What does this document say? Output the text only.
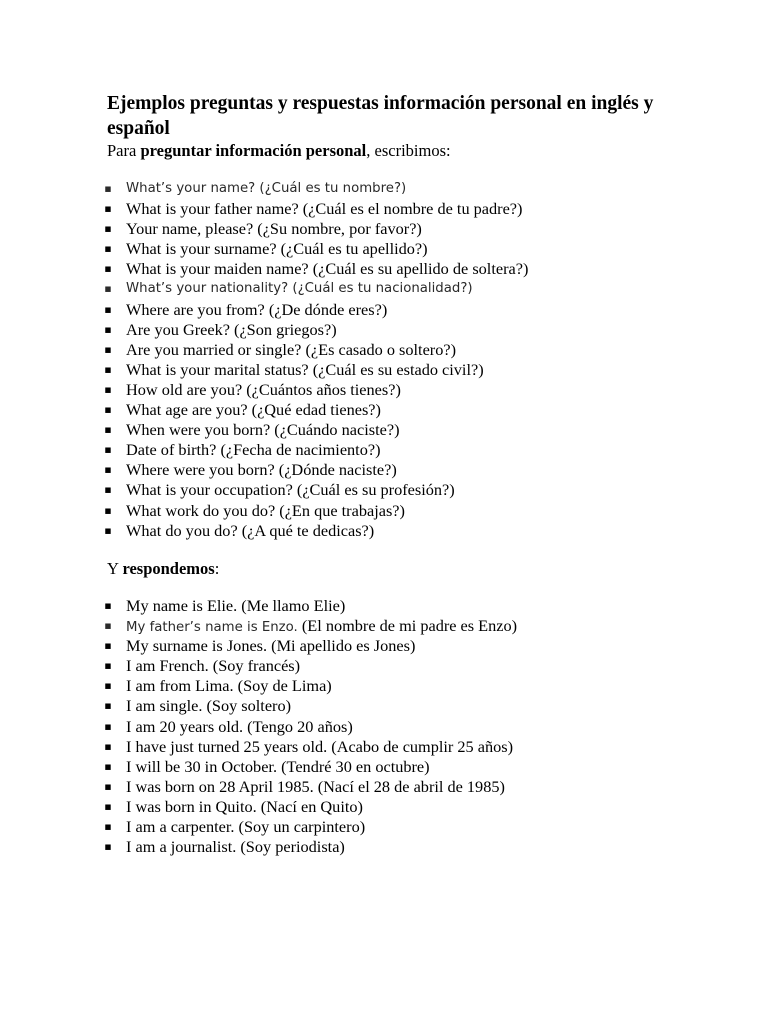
Ejemplos preguntas y respuestas información personal en inglés y español

Para preguntar información personal, escribimos:

▪ What’s your name? (¿Cuál es tu nombre?)
▪ What is your father name? (¿Cuál es el nombre de tu padre?)
▪ Your name, please? (¿Su nombre, por favor?)
▪ What is your surname? (¿Cuál es tu apellido?)
▪ What is your maiden name? (¿Cuál es su apellido de soltera?)
▪ What’s your nationality? (¿Cuál es tu nacionalidad?)
▪ Where are you from? (¿De dónde eres?)
▪ Are you Greek? (¿Son griegos?)
▪ Are you married or single? (¿Es casado o soltero?)
▪ What is your marital status? (¿Cuál es su estado civil?)
▪ How old are you? (¿Cuántos años tienes?)
▪ What age are you? (¿Qué edad tienes?)
▪ When were you born? (¿Cuándo naciste?)
▪ Date of birth? (¿Fecha de nacimiento?)
▪ Where were you born? (¿Dónde naciste?)
▪ What is your occupation? (¿Cuál es su profesión?)
▪ What work do you do? (¿En que trabajas?)
▪ What do you do? (¿A qué te dedicas?)

Y respondemos:

▪ My name is Elie. (Me llamo Elie)
▪ My father’s name is Enzo. (El nombre de mi padre es Enzo)
▪ My surname is Jones. (Mi apellido es Jones)
▪ I am French. (Soy francés)
▪ I am from Lima. (Soy de Lima)
▪ I am single. (Soy soltero)
▪ I am 20 years old. (Tengo 20 años)
▪ I have just turned 25 years old. (Acabo de cumplir 25 años)
▪ I will be 30 in October. (Tendré 30 en octubre)
▪ I was born on 28 April 1985. (Nací el 28 de abril de 1985)
▪ I was born in Quito. (Nací en Quito)
▪ I am a carpenter. (Soy un carpintero)
▪ I am a journalist. (Soy periodista)
